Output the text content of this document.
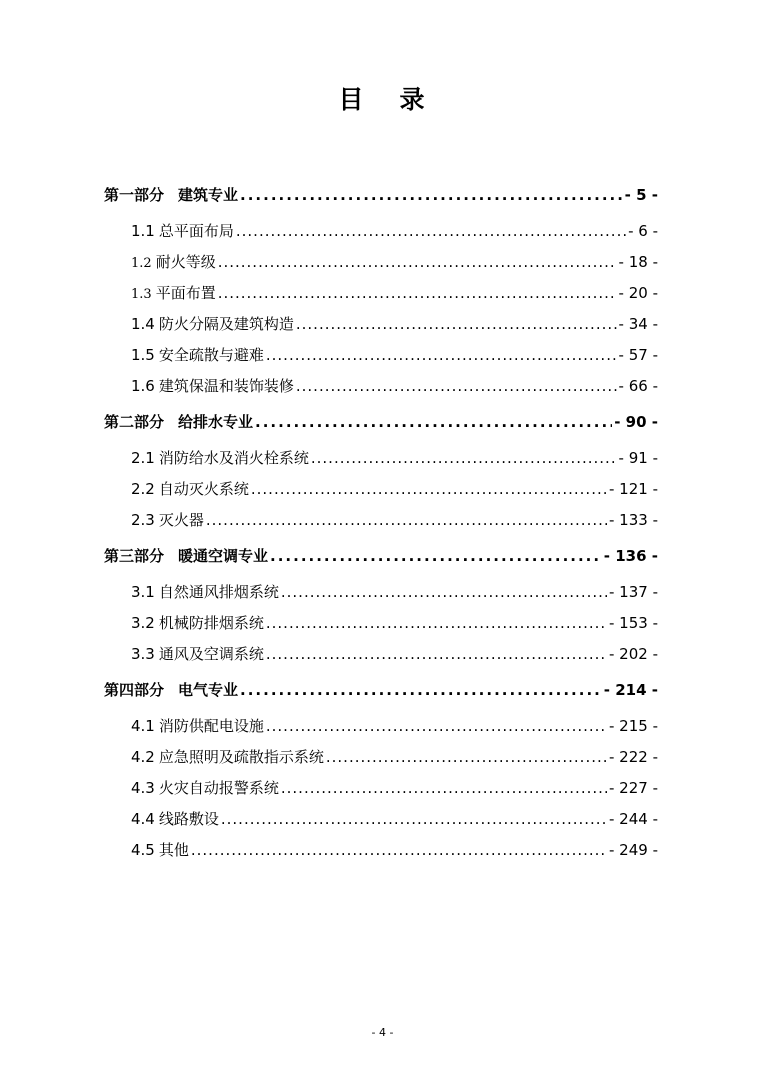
目 录
第一部分 建筑专业 .....	- 5 -
1.1 总平面布局 .....	- 6 -
1.2 耐火等级 .....	- 18 -
1.3 平面布置 .....	- 20 -
1.4 防火分隔及建筑构造 .....	- 34 -
1.5 安全疏散与避难 .....	- 57 -
1.6 建筑保温和装饰装修 .....	- 66 -
第二部分 给排水专业 .....	- 90 -
2.1 消防给水及消火栓系统 .....	- 91 -
2.2 自动灭火系统 .....	- 121 -
2.3 灭火器 .....	- 133 -
第三部分 暖通空调专业 .....	- 136 -
3.1 自然通风排烟系统 .....	- 137 -
3.2 机械防排烟系统 .....	- 153 -
3.3 通风及空调系统 .....	- 202 -
第四部分 电气专业 .....	- 214 -
4.1 消防供配电设施 .....	- 215 -
4.2 应急照明及疏散指示系统 .....	- 222 -
4.3 火灾自动报警系统 .....	- 227 -
4.4 线路敷设 .....	- 244 -
4.5 其他 .....	- 249 -
- 4 -
